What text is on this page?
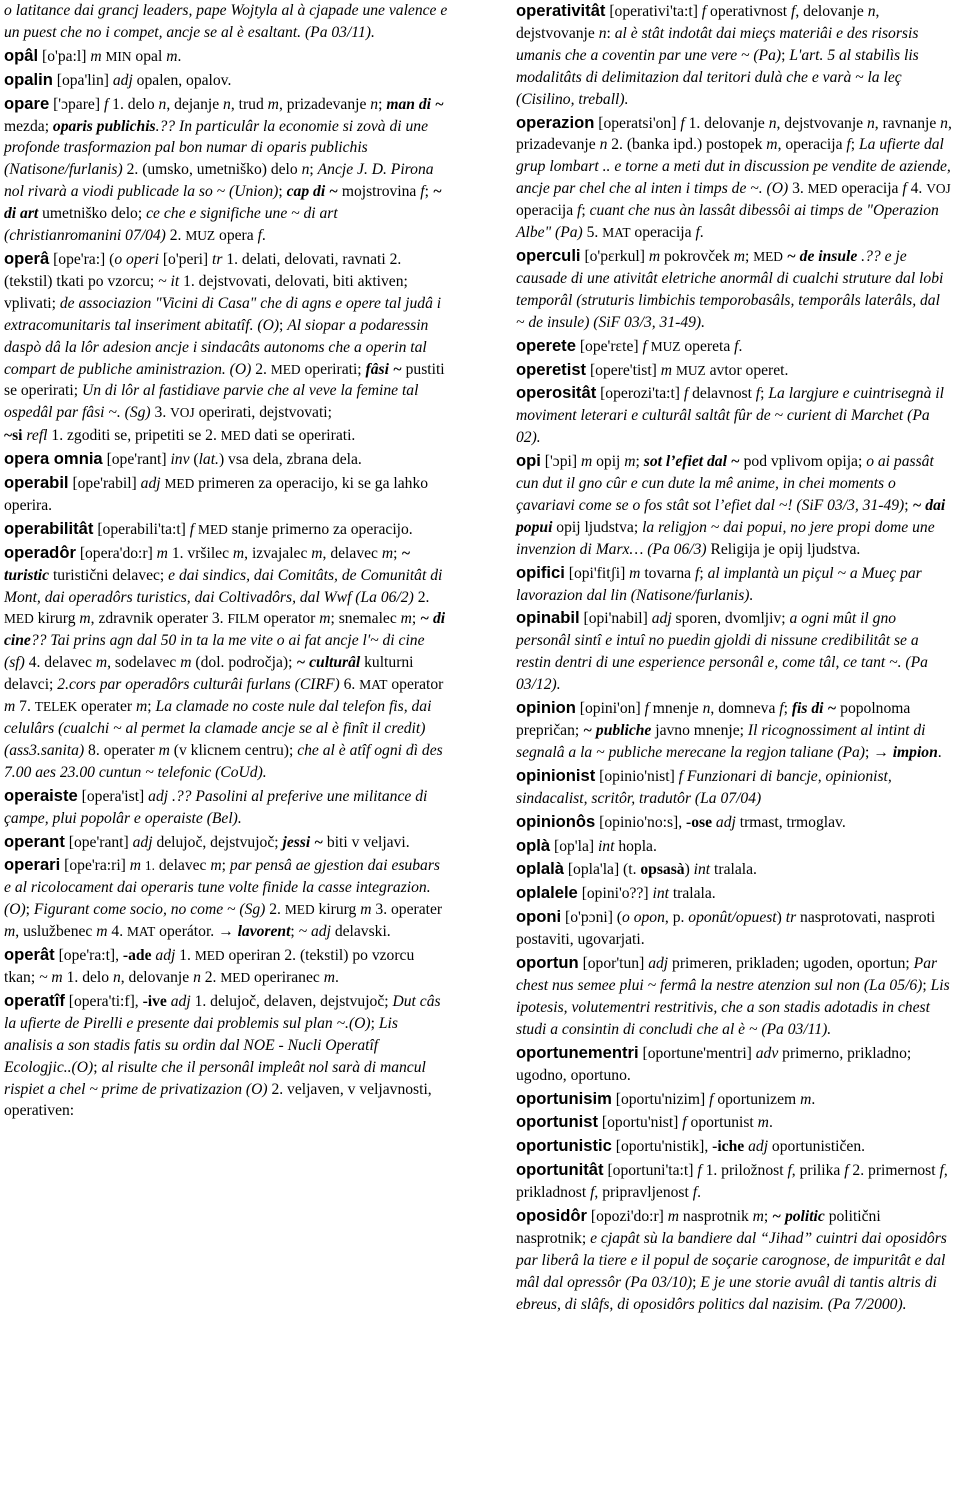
o latitance dai grancj leaders, pape Wojtyla al à cjapade une valence e un puest che no i compet, ancje se al è esaltant. (Pa 03/11).

opâl [o'pa:l] m MIN opal m.

opalin [opa'lin] adj opalen, opalov.

opare ['ɔpare] f 1. delo n, dejanje n, trud m, prizadevanje n; man di ~ mezda; oparis publichis.?? In particulâr la economie si zovà di une profonde trasformazion pal bon numar di oparis publichis (Natisone/furlanis) 2. (umsko, umetniško) delo n; Ancje J. D. Pirona nol rivarà a viodi publicade la so ~ (Union); cap di ~ mojstrovina f; ~ di art umetniško delo; ce che e significhe une ~ di art (christianromanini 07/04) 2. MUZ opera f.

operâ [ope'ra:] (o operi [o'peri] tr 1. delati, delovati, ravnati 2. (tekstil) tkati po vzorcu; ~ it 1. dejstvovati, delovati, biti aktiven; vplivati; de associazion "Vicini di Casa" che di agns e opere tal judâ i extracomunitaris tal inseriment abitatîf. (O); Al siopar a podaressin daspò dâ la lôr adesion ancje i sindacâts autonoms che a operin tal compart de publiche aministrazion. (O) 2. MED operirati; fâsi ~ pustiti se operirati; Un di lôr al fastidiave parvie che al veve la femine tal ospedâl par fâsi ~. (Sg) 3. VOJ operirati, dejstvovati;

~si refl 1. zgoditi se, pripetiti se 2. MED dati se operirati.

opera omnia [ope'rant] inv (lat.) vsa dela, zbrana dela.

operabil [ope'rabil] adj MED primeren za operacijo, ki se ga lahko operira.

operabilitât [operabili'ta:t] f MED stanje primerno za operacijo.

operadôr [opera'do:r] m 1. vršilec m, izvajalec m, delavec m; ~ turistic turistični delavec; e dai sindics, dai Comitâts, de Comunitât di Mont, dai operadôrs turistics, dai Coltivadôrs, dal Wwf (La 06/2) 2. MED kirurg m, zdravnik operater 3. FILM operator m; snemalec m; ~ di cine?? Tai prins agn dal 50 in ta la me vite o ai fat ancje l'~ di cine (sf) 4. delavec m, sodelavec m (dol. področja); ~ culturâl kulturni delavci; 2.cors par operadôrs culturâi furlans (CIRF) 6. MAT operator m 7. TELEK operater m; La clamade no coste nule dal telefon fis, dai celulârs (cualchi ~ al permet la clamade ancje se al è finît il credit) (ass3.sanita) 8. operater m (v klicnem centru); che al è atîf ogni dì des 7.00 aes 23.00 cuntun ~ telefonic (CoUd).

operaiste [opera'ist] adj .?? Pasolini al preferive une militance di çampe, plui popolâr e operaiste (Bel).

operant [ope'rant] adj delujoč, dejstvujoč; jessi ~ biti v veljavi.

operari [ope'ra:ri] m 1. delavec m; par pensâ ae gjestion dai esubars e al ricolocament dai operaris tune volte finide la casse integrazion. (O); Figurant come socio, no come ~ (Sg) 2. MED kirurg m 3. operater m, uslužbenec m 4. MAT operátor. → lavorent; ~ adj delavski.

operât [ope'ra:t], -ade adj 1. MED operiran 2. (tekstil) po vzorcu tkan; ~ m 1. delo n, delovanje n 2. MED operiranec m.

operatîf [opera'ti:f], -ive adj 1. delujoč, delaven, dejstvujoč; Dut câs la ufierte de Pirelli e presente dai problemis sul plan ~.(O); Lis analisis a son stadis fatis su ordin dal NOE - Nucli Operatîf Ecologjic..(O); al risulte che il personâl impleât nol sarà di mancul rispiet a chel ~ prime de privatizazion (O) 2. veljaven, v veljavnosti, operativen:

operativitât [operativi'ta:t] f operativnost f, delovanje n, dejstvovanje n: al è stât indotât dai mieçs materiâi e des risorsis umanis che a coventin par une vere ~ (Pa); L'art. 5 al stabilìs lis modalitâts di delimitazion dal teritori dulà che e varà ~ la leç (Cisilino, treball).

operazion [operatsi'on] f 1. delovanje n, dejstvovanje n, ravnanje n, prizadevanje n 2. (banka ipd.) postopek m, operacija f; La ufierte dal grup lombart .. e torne a meti dut in discussion pe vendite de aziende, ancje par chel che al inten i timps de ~. (O) 3. MED operacija f 4. VOJ operacija f; cuant che nus àn lassât dibessôi ai timps de "Operazion Albe" (Pa) 5. MAT operacija f.

operculi [o'pɛrkul] m pokrovček m; MED ~ de insule .?? e je causade di une ativitât eletriche anormâl di cualchi struture dal lobi temporâl (struturis limbichis temporobasâls, temporâls laterâls, dal ~ de insule) (SiF 03/3, 31-49).

operete [ope'rɛte] f MUZ opereta f.

operetist [opere'tist] m MUZ avtor operet.

operositât [operozi'ta:t] f delavnost f; La largjure e cuintrisegnà il moviment leterari e culturâl saltât fûr de ~ curient di Marchet (Pa 02).

opi ['ɔpi] m opij m; sot l’efiet dal ~ pod vplivom opija; o ai passât cun dut il gno cûr e cun dute la mê anime, in chei moments o çavariavi come se o fos stât sot l’efiet dal ~! (SiF 03/3, 31-49); ~ dai popui opij ljudstva; la religjon ~ dai popui, no jere propi dome une invenzion di Marx… (Pa 06/3) Religija je opij ljudstva.

opifici [opi'fitʃi] m tovarna f; al implantà un piçul ~ a Mueç par lavorazion dal lin (Natisone/furlanis).

opinabil [opi'nabil] adj sporen, dvomljiv; a ogni mût il gno personâl sintî e intuî no puedin gjoldi di nissune credibilitât se a restin dentri di une esperience personâl e, come tâl, ce tant ~. (Pa 03/12).

opinion [opini'on] f mnenje n, domneva f; fis di ~ popolnoma prepričan; ~ publiche javno mnenje; Il ricognossiment al intint di segnalâ a la ~ publiche merecane la regjon taliane (Pa); → impion.

opinionist [opinio'nist] f Funzionari di bancje, opinionist, sindacalist, scritôr, tradutôr (La 07/04)

opinionôs [opinio'no:s], -ose adj trmast, trmoglav.

oplà [op'la] int hopla.

oplalà [opla'la] (t. opsasà) int tralala.

oplalele [opini'o??] int tralala.

oponi [o'pɔni] (o opon, p. oponût/opuest) tr nasprotovati, nasproti postaviti, ugovarjati.

oportun [opor'tun] adj primeren, prikladen; ugoden, oportun; Par chest nus semee plui ~ fermâ la nestre atenzion sul non (La 05/6); Lis ipotesis, volutementri restritivis, che a son stadis adotadis in chest studi a consintin di concludi che al è ~ (Pa 03/11).

oportunementri [oportune'mentri] adv primerno, prikladno; ugodno, oportuno.

oportunisim [oportu'nizim] f oportunizem m.

oportunist [oportu'nist] f oportunist m.

oportunistic [oportu'nistik], -iche adj oportunističen.

oportunitât [oportuni'ta:t] f 1. priložnost f, prilika f 2. primernost f, prikladnost f, pripravljenost f.

oposidôr [opozi'do:r] m nasprotnik m; ~ politic politični nasprotnik; e cjapât sù la bandiere dal “Jihad” cuintri dai oposidôrs par liberâ la tiere e il popul de soçarie carognose, de impuritât e dal mâl dal opressôr (Pa 03/10); E je une storie avuâl di tantis altris di ebreus, di slâfs, di oposidôrs politics dal nazisim. (Pa 7/2000).
